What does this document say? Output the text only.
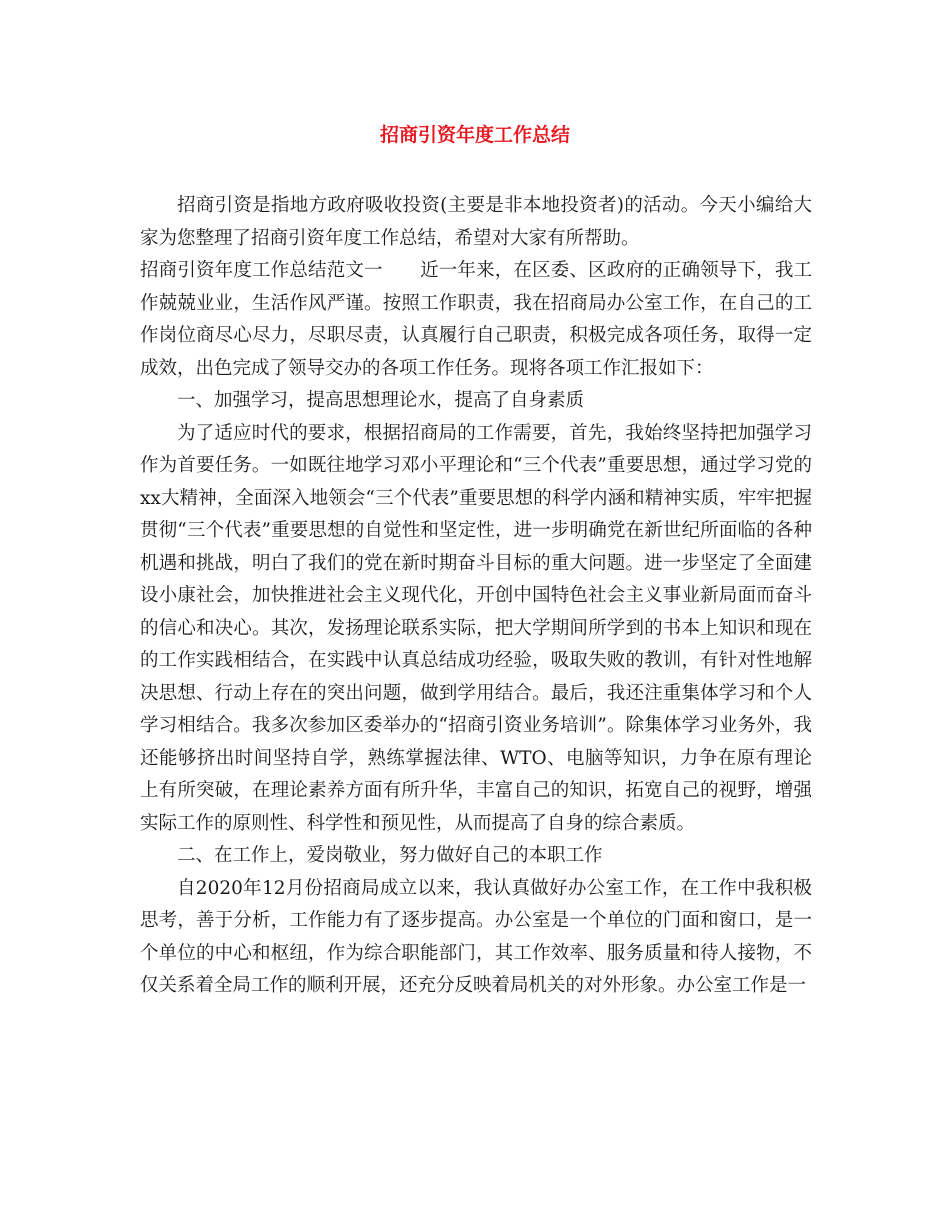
招商引资年度工作总结

招商引资是指地方政府吸收投资(主要是非本地投资者)的活动。今天小编给大家为您整理了招商引资年度工作总结，希望对大家有所帮助。

招商引资年度工作总结范文一　　近一年来，在区委、区政府的正确领导下，我工作兢兢业业，生活作风严谨。按照工作职责，我在招商局办公室工作，在自己的工作岗位商尽心尽力，尽职尽责，认真履行自己职责，积极完成各项任务，取得一定成效，出色完成了领导交办的各项工作任务。现将各项工作汇报如下：

一、加强学习，提高思想理论水，提高了自身素质

为了适应时代的要求，根据招商局的工作需要，首先，我始终坚持把加强学习作为首要任务。一如既往地学习邓小平理论和“三个代表”重要思想，通过学习党的xx大精神，全面深入地领会“三个代表”重要思想的科学内涵和精神实质，牢牢把握贯彻“三个代表”重要思想的自觉性和坚定性，进一步明确党在新世纪所面临的各种机遇和挑战，明白了我们的党在新时期奋斗目标的重大问题。进一步坚定了全面建设小康社会，加快推进社会主义现代化，开创中国特色社会主义事业新局面而奋斗的信心和决心。其次，发扬理论联系实际，把大学期间所学到的书本上知识和现在的工作实践相结合，在实践中认真总结成功经验，吸取失败的教训，有针对性地解决思想、行动上存在的突出问题，做到学用结合。最后，我还注重集体学习和个人学习相结合。我多次参加区委举办的“招商引资业务培训”。除集体学习业务外，我还能够挤出时间坚持自学，熟练掌握法律、WTO、电脑等知识，力争在原有理论上有所突破，在理论素养方面有所升华，丰富自己的知识，拓宽自己的视野，增强实际工作的原则性、科学性和预见性，从而提高了自身的综合素质。

二、在工作上，爱岗敬业，努力做好自己的本职工作

自2020年12月份招商局成立以来，我认真做好办公室工作，在工作中我积极思考，善于分析，工作能力有了逐步提高。办公室是一个单位的门面和窗口，是一个单位的中心和枢纽，作为综合职能部门，其工作效率、服务质量和待人接物，不仅关系着全局工作的顺利开展，还充分反映着局机关的对外形象。办公室工作是一
